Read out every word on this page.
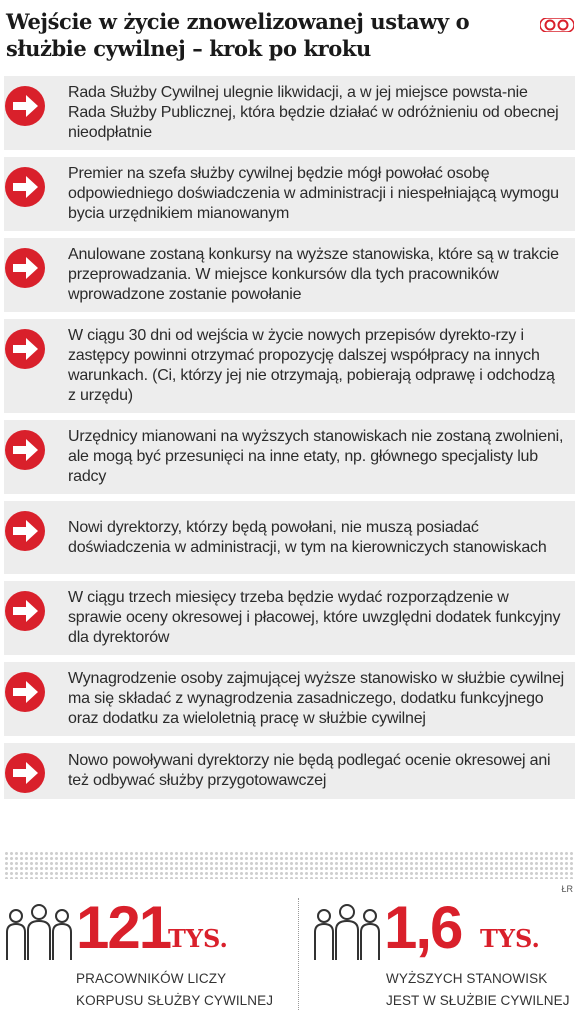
Wejście w życie znowelizowanej ustawy o służbie cywilnej – krok po kroku
Rada Służby Cywilnej ulegnie likwidacji, a w jej miejsce powsta-nie Rada Służby Publicznej, która będzie działać w odróżnieniu od obecnej nieodpłatnie
Premier na szefa służby cywilnej będzie mógł powołać osobę odpowiedniego doświadczenia w administracji i niespełniającą wymogu bycia urzędnikiem mianowanym
Anulowane zostaną konkursy na wyższe stanowiska, które są w trakcie przeprowadzania. W miejsce konkursów dla tych pracowników wprowadzone zostanie powołanie
W ciągu 30 dni od wejścia w życie nowych przepisów dyrekto-rzy i zastępcy powinni otrzymać propozycję dalszej współpracy na innych warunkach. (Ci, którzy jej nie otrzymają, pobierają odprawę i odchodzą z urzędu)
Urzędnicy mianowani na wyższych stanowiskach nie zostaną zwolnieni, ale mogą być przesunięci na inne etaty, np. głównego specjalisty lub radcy
Nowi dyrektorzy, którzy będą powołani, nie muszą posiadać doświadczenia w administracji, w tym na kierowniczych stanowiskach
W ciągu trzech miesięcy trzeba będzie wydać rozporządzenie w sprawie oceny okresowej i płacowej, które uwzględni dodatek funkcyjny dla dyrektorów
Wynagrodzenie osoby zajmującej wyższe stanowisko w służbie cywilnej ma się składać z wynagrodzenia zasadniczego, dodatku funkcyjnego oraz dodatku za wieloletnią pracę w służbie cywilnej
Nowo powoływani dyrektorzy nie będą podlegać ocenie okresowej ani też odbywać służby przygotowawczej
ŁR
121
TYS.
PRACOWNIKÓW LICZY
KORPUSU SŁUŻBY CYWILNEJ
1,6 TYS.
WYŻSZYCH STANOWISK
JEST W SŁUŻBIE CYWILNEJ
